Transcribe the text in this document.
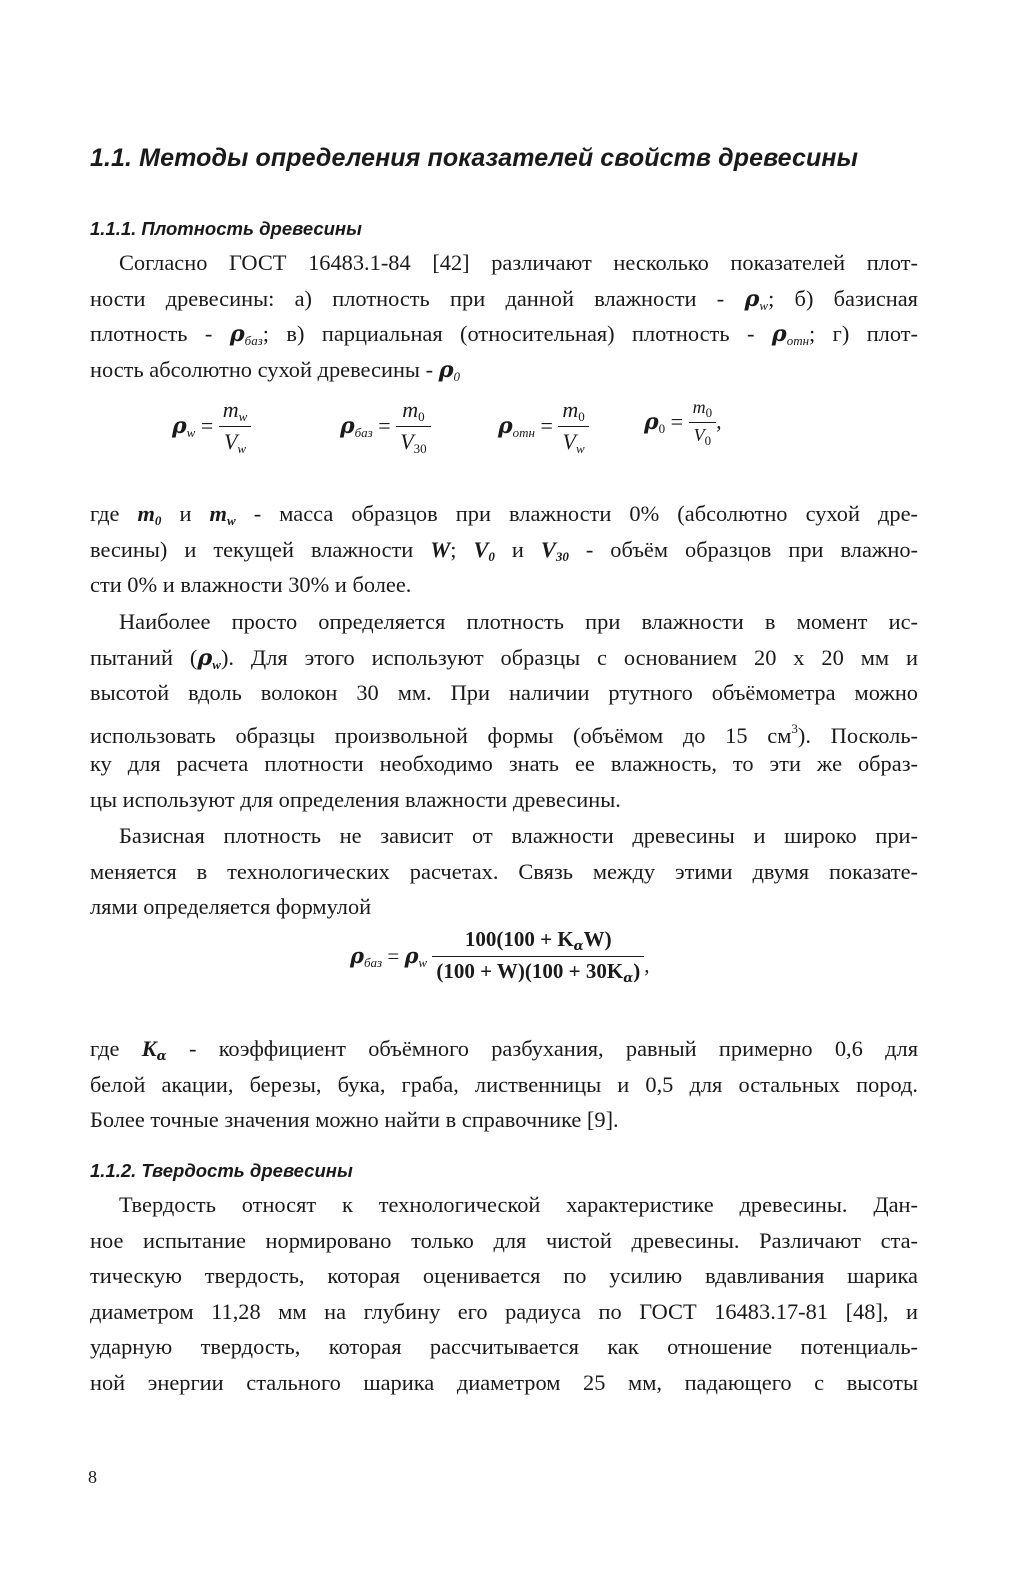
1.1. Методы определения показателей свойств древесины
1.1.1. Плотность древесины
Согласно ГОСТ 16483.1-84 [42] различают несколько показателей плот-
ности древесины: а) плотность при данной влажности - $\rho_w$; б) базисная
плотность - $\rho_{баз}$; в) парциальная (относительная) плотность - $\rho_{отн}$; г) плот-
ность абсолютно сухой древесины - $\rho_0$
$\rho_w = \frac{m_w}{V_w}$	$\rho_{баз} = \frac{m_0}{V_{30}}$	$\rho_{отн} = \frac{m_0}{V_w}$	$\rho_0 = \frac{m_0}{V_0}$ ,
где $m_0$ и $m_w$ - масса образцов при влажности 0% (абсолютно сухой дре-
весины) и текущей влажности W; $V_0$ и $V_{30}$ - объём образцов при влажно-
сти 0% и влажности 30% и более.
Наиболее просто определяется плотность при влажности в момент ис-
пытаний $(\rho_w)$. Для этого используют образцы с основанием 20 х 20 мм и
высотой вдоль волокон 30 мм. При наличии ртутного объёмометра можно
использовать образцы произвольной формы (объёмом до 15 $см^3$). Посколь-
ку для расчета плотности необходимо знать ее влажность, то эти же образ-
цы используют для определения влажности древесины.
Базисная плотность не зависит от влажности древесины и широко при-
меняется в технологических расчетах. Связь между этими двумя показате-
лями определяется формулой
$\rho_{баз} = \rho_w \frac{100(100 + K_\alpha W)}{(100 + W)(100 + 30K_\alpha)}$ ,
где $K_\alpha$ - коэффициент объёмного разбухания, равный примерно 0,6 для
белой акации, березы, бука, граба, лиственницы и 0,5 для остальных пород.
Более точные значения можно найти в справочнике [9].
1.1.2. Твердость древесины
Твердость относят к технологической характеристике древесины. Дан-
ное испытание нормировано только для чистой древесины. Различают ста-
тическую твердость, которая оценивается по усилию вдавливания шарика
диаметром 11,28 мм на глубину его радиуса по ГОСТ 16483.17-81 [48], и
ударную твердость, которая рассчитывается как отношение потенциаль-
ной энергии стального шарика диаметром 25 мм, падающего с высоты
8
